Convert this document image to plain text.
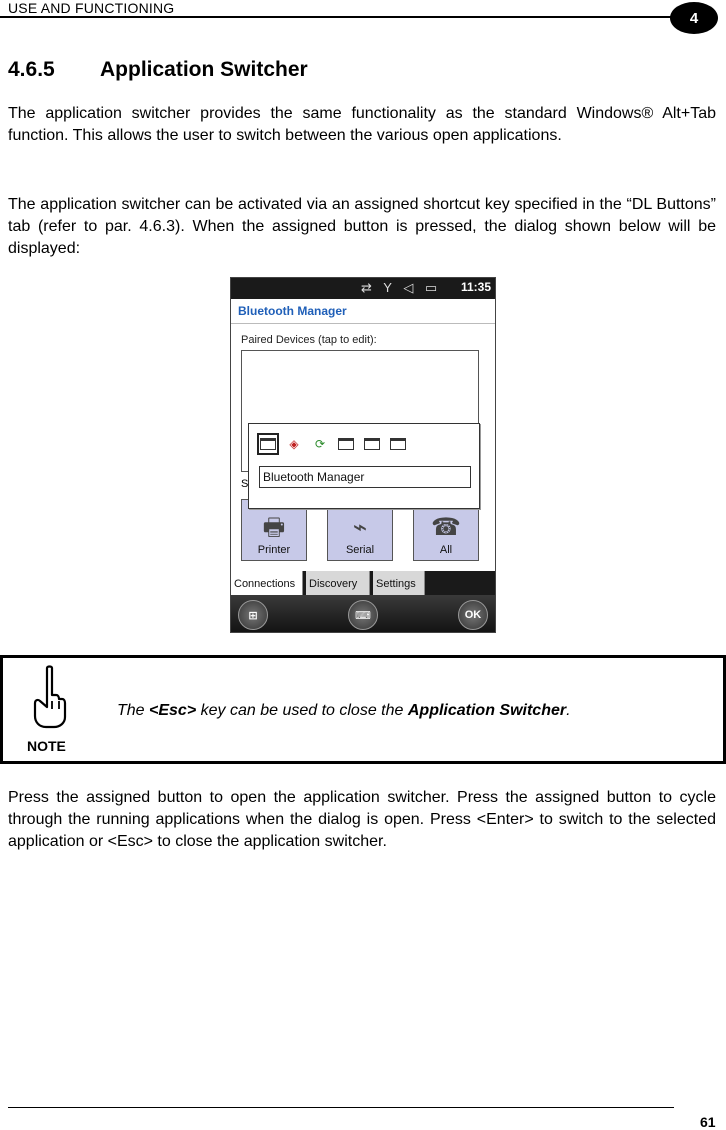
USE AND FUNCTIONING
4
4.6.5 Application Switcher
The application switcher provides the same functionality as the standard Windows® Alt+Tab function. This allows the user to switch between the various open applications.
The application switcher can be activated via an assigned shortcut key specified in the “DL Buttons” tab (refer to par. 4.6.3). When the assigned button is pressed, the dialog shown below will be displayed:
⇄ Y ◁ ▭ 11:35
Bluetooth Manager
Paired Devices (tap to edit):
S
🖶
Printer
⌁
Serial
☎
All
Connections	Discovery	Settings
⊞	⌨	OK
◈	⟳
Bluetooth Manager
NOTE
The <Esc> key can be used to close the Application Switcher.
Press the assigned button to open the application switcher. Press the assigned button to cycle through the running applications when the dialog is open. Press <Enter> to switch to the selected application or <Esc> to close the application switcher.
61
